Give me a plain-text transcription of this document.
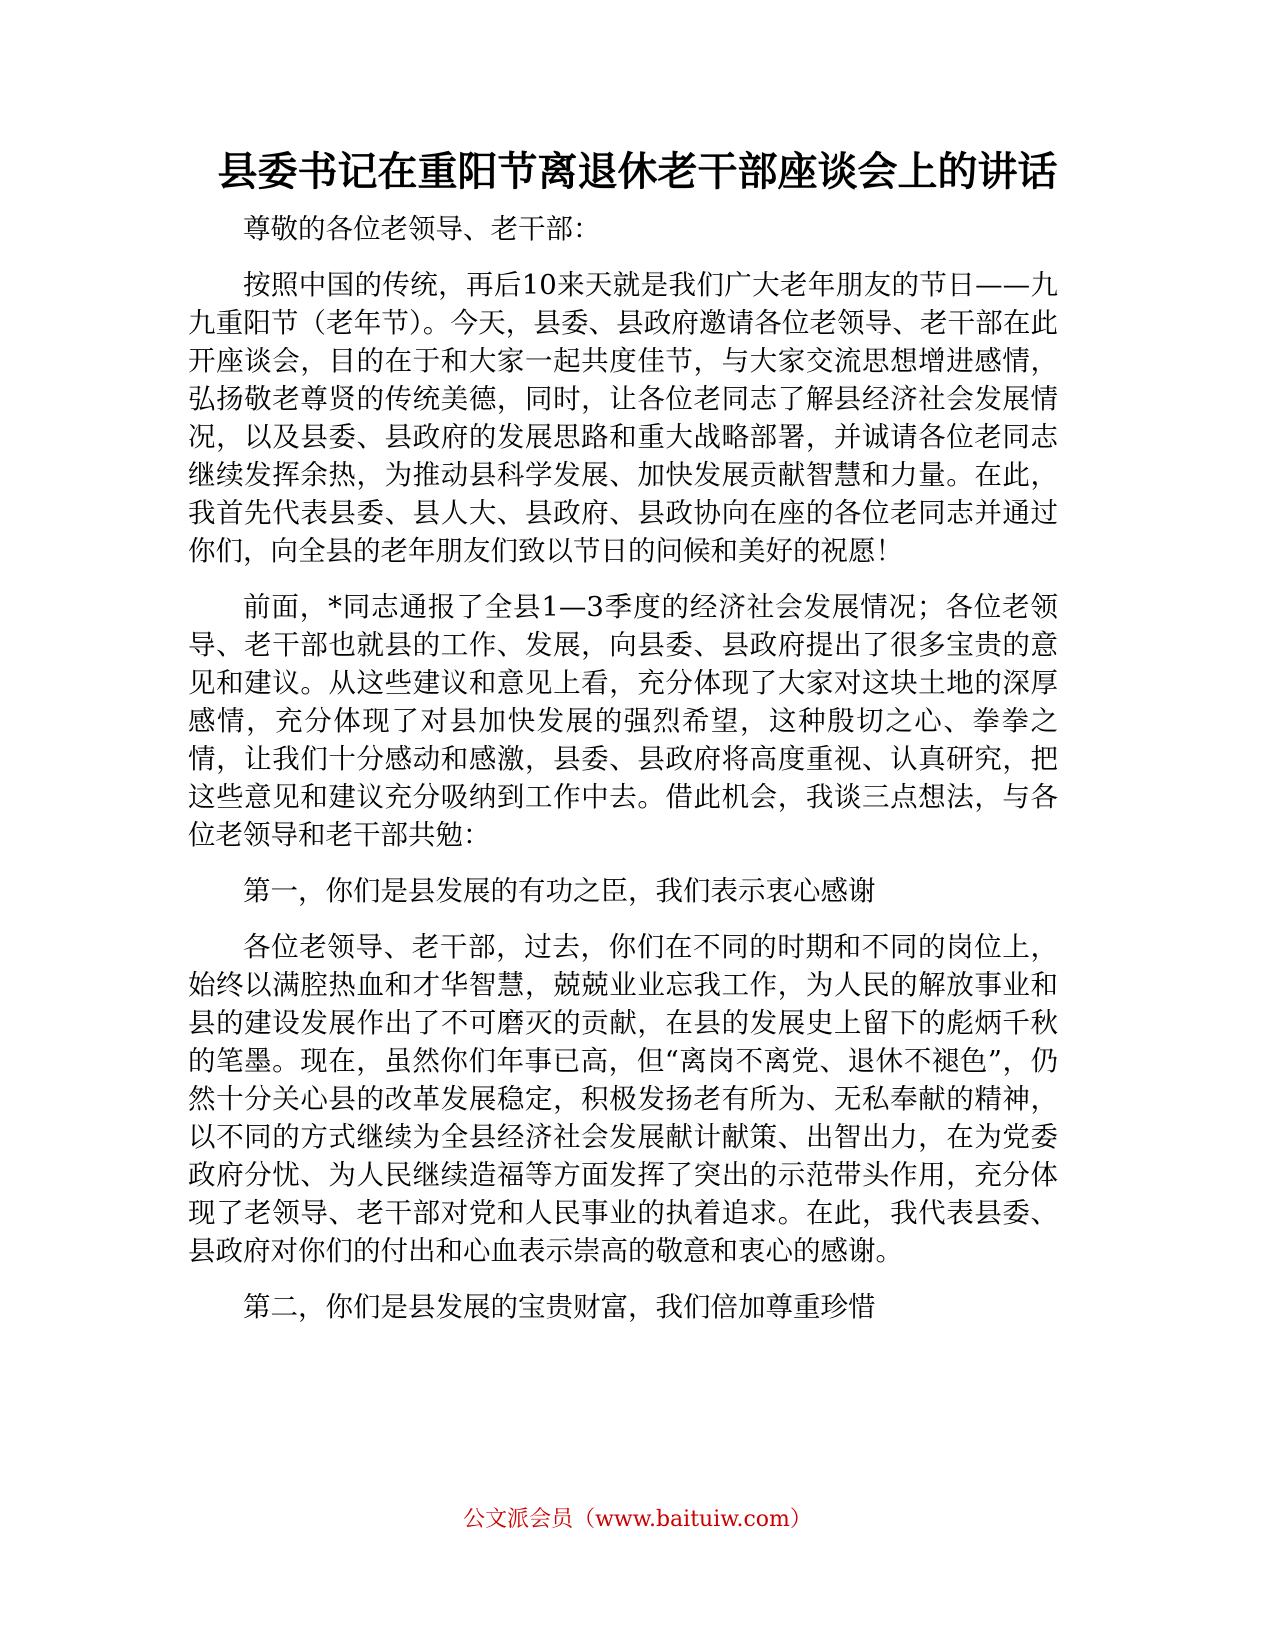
县委书记在重阳节离退休老干部座谈会上的讲话

尊敬的各位老领导、老干部：

按照中国的传统，再后10来天就是我们广大老年朋友的节日——九九重阳节（老年节）。今天，县委、县政府邀请各位老领导、老干部在此开座谈会，目的在于和大家一起共度佳节，与大家交流思想增进感情，弘扬敬老尊贤的传统美德，同时，让各位老同志了解县经济社会发展情况，以及县委、县政府的发展思路和重大战略部署，并诚请各位老同志继续发挥余热，为推动县科学发展、加快发展贡献智慧和力量。在此，我首先代表县委、县人大、县政府、县政协向在座的各位老同志并通过你们，向全县的老年朋友们致以节日的问候和美好的祝愿！

前面，*同志通报了全县1—3季度的经济社会发展情况；各位老领导、老干部也就县的工作、发展，向县委、县政府提出了很多宝贵的意见和建议。从这些建议和意见上看，充分体现了大家对这块土地的深厚感情，充分体现了对县加快发展的强烈希望，这种殷切之心、拳拳之情，让我们十分感动和感激，县委、县政府将高度重视、认真研究，把这些意见和建议充分吸纳到工作中去。借此机会，我谈三点想法，与各位老领导和老干部共勉：

第一，你们是县发展的有功之臣，我们表示衷心感谢

各位老领导、老干部，过去，你们在不同的时期和不同的岗位上，始终以满腔热血和才华智慧，兢兢业业忘我工作，为人民的解放事业和县的建设发展作出了不可磨灭的贡献，在县的发展史上留下的彪炳千秋的笔墨。现在，虽然你们年事已高，但“离岗不离党、退休不褪色”，仍然十分关心县的改革发展稳定，积极发扬老有所为、无私奉献的精神，以不同的方式继续为全县经济社会发展献计献策、出智出力，在为党委政府分忧、为人民继续造福等方面发挥了突出的示范带头作用，充分体现了老领导、老干部对党和人民事业的执着追求。在此，我代表县委、县政府对你们的付出和心血表示崇高的敬意和衷心的感谢。

第二，你们是县发展的宝贵财富，我们倍加尊重珍惜

公文派会员（www.baituiw.com）
